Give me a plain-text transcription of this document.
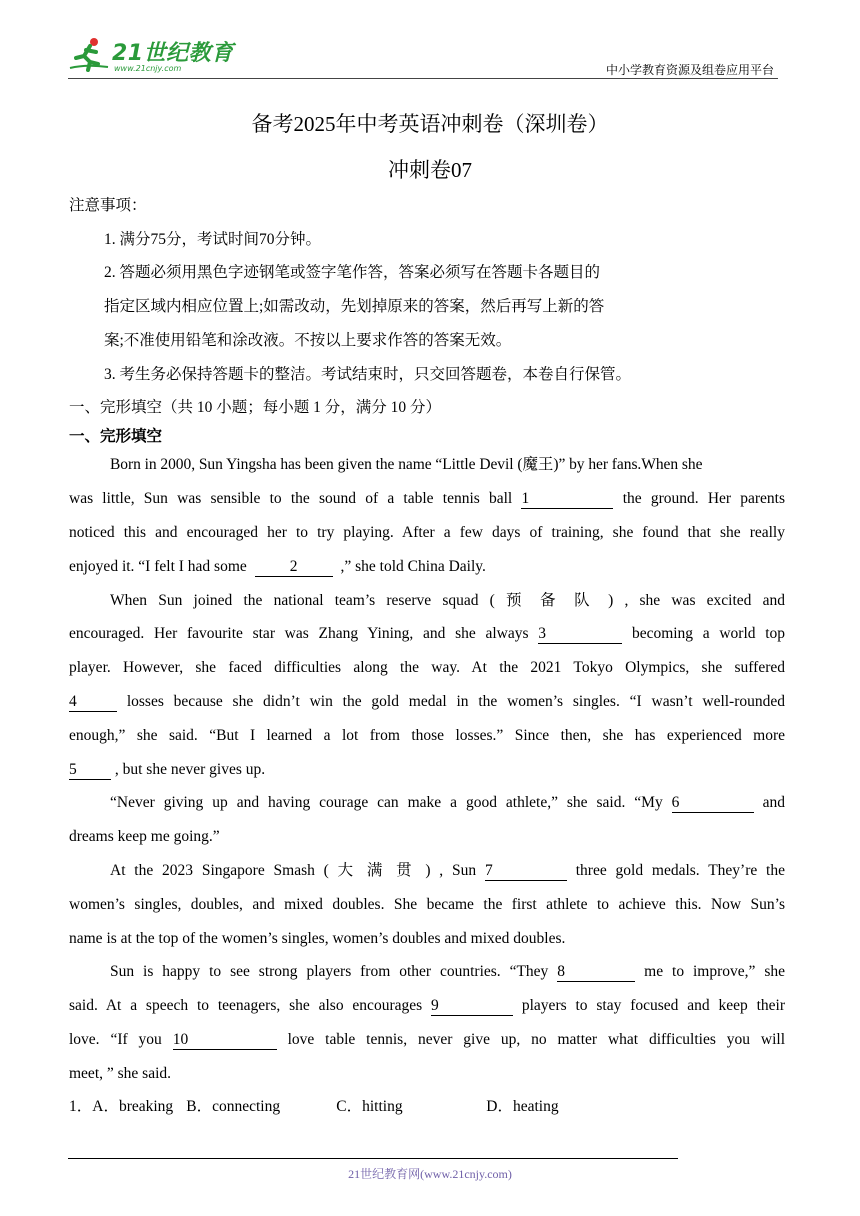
21世纪教育
www.21cnjy.com	中小学教育资源及组卷应用平台
备考2025年中考英语冲刺卷（深圳卷）
冲刺卷07
注意事项：
1. 满分75分，考试时间70分钟。
2. 答题必须用黑色字迹钢笔或签字笔作答，答案必须写在答题卡各题目的
指定区域内相应位置上;如需改动，先划掉原来的答案，然后再写上新的答
案;不准使用铅笔和涂改液。不按以上要求作答的答案无效。
3. 考生务必保持答题卡的整洁。考试结束时，只交回答题卷，本卷自行保管。
一、完形填空（共 10 小题；每小题 1 分，满分 10 分）
一、完形填空
Born in 2000, Sun Yingsha has been given the name “Little Devil (魔王)” by her fans.When she
was little, Sun was sensible to the sound of a table tennis ball 1	the ground. Her parents
noticed this and encouraged her to try playing. After a few days of training, she found that she really
enjoyed it. “I felt I had some	2	,” she told China Daily.
When Sun joined the national team’s reserve squad ( 预 备 队 ) , she was excited and
encouraged. Her favourite star was Zhang Yining, and she always 3	becoming a world top
player. However, she faced difficulties along the way. At the 2021 Tokyo Olympics, she suffered
4	losses because she didn’t win the gold medal in the women’s singles. “I wasn’t well-rounded
enough,” she said. “But I learned a lot from those losses.” Since then, she has experienced more
5 , but she never gives up.
“Never giving up and having courage can make a good athlete,” she said. “My 6	and
dreams keep me going.”
At the 2023 Singapore Smash ( 大 满 贯 ) , Sun 7	three gold medals. They’re the
women’s singles, doubles, and mixed doubles. She became the first athlete to achieve this. Now Sun’s
name is at the top of the women’s singles, women’s doubles and mixed doubles.
Sun is happy to see strong players from other countries. “They 8	me to improve,” she
said. At a speech to teenagers, she also encourages 9	players to stay focused and keep their
love. “If you 10	love table tennis, never give up, no matter what difficulties you will
meet, ” she said.
1．A．breaking B．connecting	C．hitting	D．heating
21世纪教育网(www.21cnjy.com)
